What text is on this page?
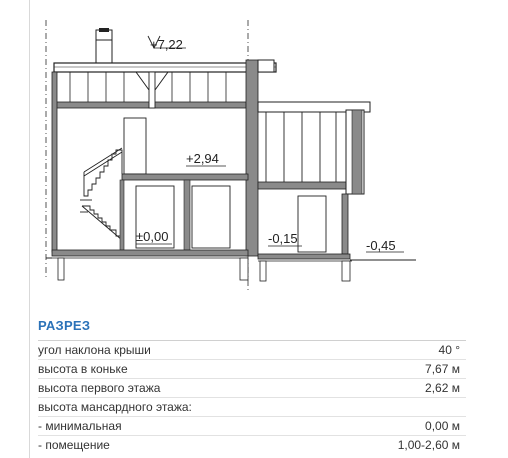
+7,22
+2,94
±0,00	-0,15	-0,45
РАЗРЕЗ
угол наклона крыши	40 °
высота в коньке	7,67 м
высота первого этажа	2,62 м
высота мансардного этажа:
- минимальная	0,00 м
- помещение	1,00-2,60 м
